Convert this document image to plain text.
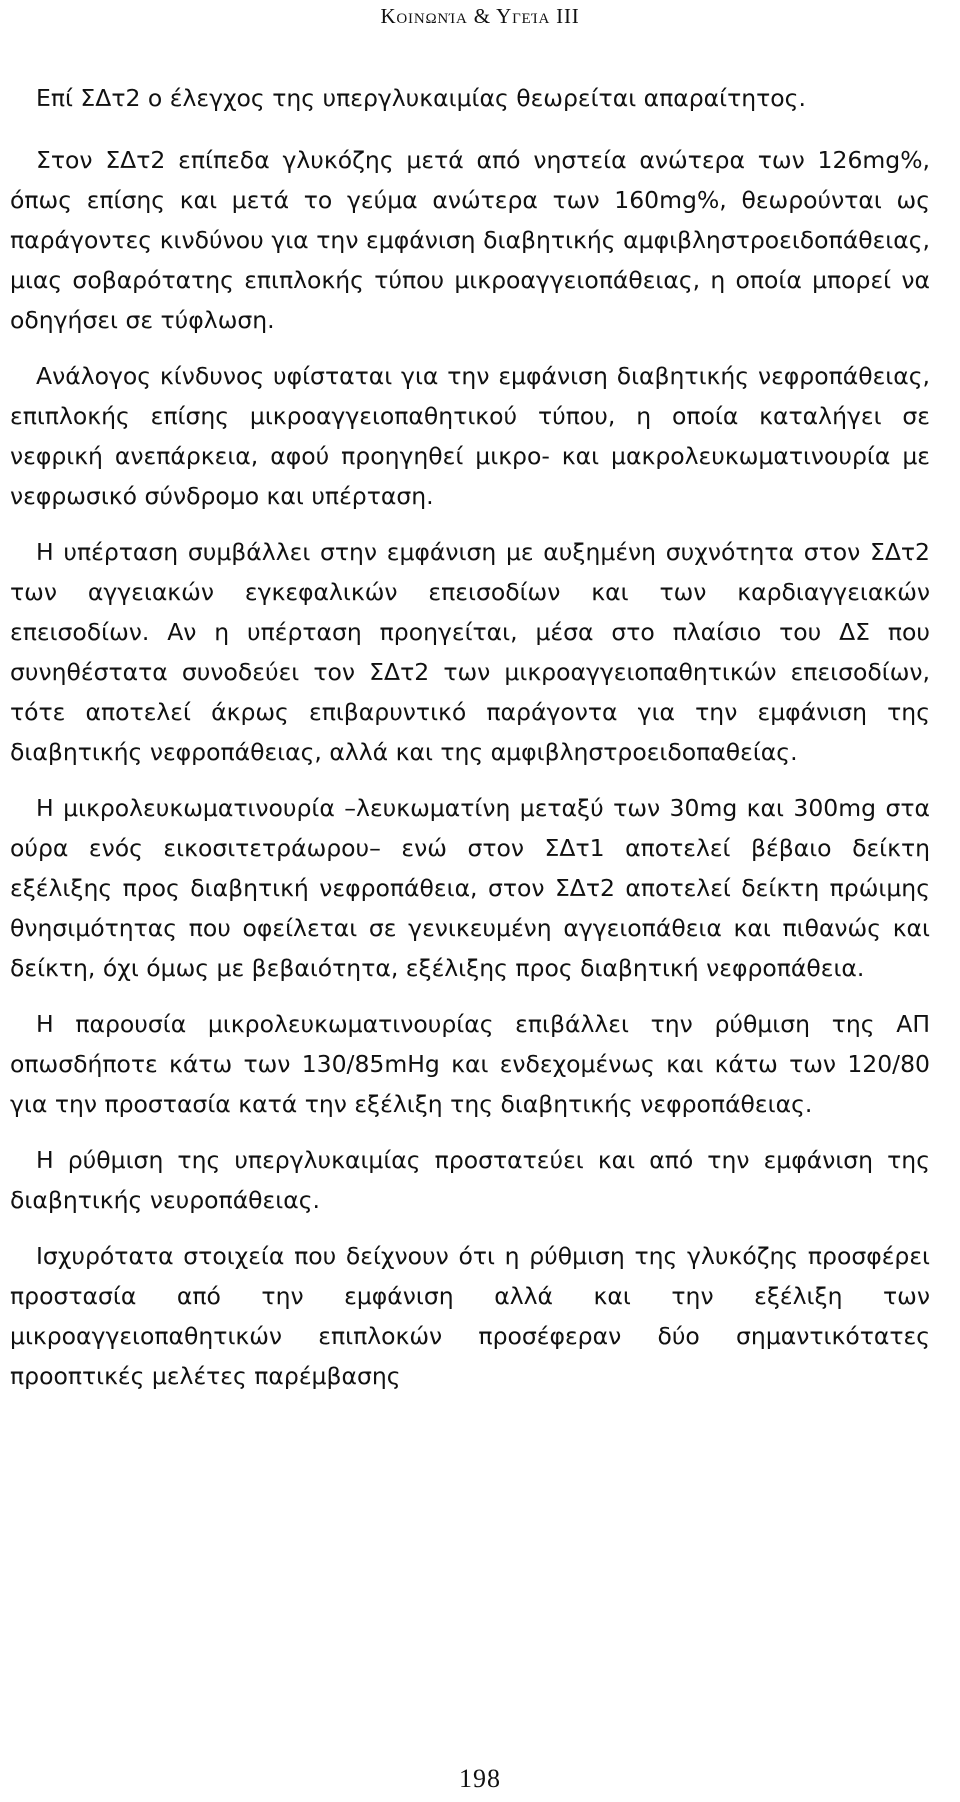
Κοινωνία & Υγεία ΙΙΙ

Επί ΣΔτ2 ο έλεγχος της υπεργλυκαιμίας θεωρείται απαραίτητος.

Στον ΣΔτ2 επίπεδα γλυκόζης μετά από νηστεία ανώτερα των 126mg%, όπως επίσης και μετά το γεύμα ανώτερα των 160mg%, θεωρούνται ως παράγοντες κινδύνου για την εμφάνιση διαβητικής αμφιβληστροειδοπάθειας, μιας σοβαρότατης επιπλοκής τύπου μικροαγγειοπάθειας, η οποία μπορεί να οδηγήσει σε τύφλωση.

Ανάλογος κίνδυνος υφίσταται για την εμφάνιση διαβητικής νεφροπάθειας, επιπλοκής επίσης μικροαγγειοπαθητικού τύπου, η οποία καταλήγει σε νεφρική ανεπάρκεια, αφού προηγηθεί μικρο- και μακρολευκωματινουρία με νεφρωσικό σύνδρομο και υπέρταση.

Η υπέρταση συμβάλλει στην εμφάνιση με αυξημένη συχνότητα στον ΣΔτ2 των αγγειακών εγκεφαλικών επεισοδίων και των καρδιαγγειακών επεισοδίων. Αν η υπέρταση προηγείται, μέσα στο πλαίσιο του ΔΣ που συνηθέστατα συνοδεύει τον ΣΔτ2 των μικροαγγειοπαθητικών επεισοδίων, τότε αποτελεί άκρως επιβαρυντικό παράγοντα για την εμφάνιση της διαβητικής νεφροπάθειας, αλλά και της αμφιβληστροειδοπαθείας.

Η μικρολευκωματινουρία –λευκωματίνη μεταξύ των 30mg και 300mg στα ούρα ενός εικοσιτετράωρου– ενώ στον ΣΔτ1 αποτελεί βέβαιο δείκτη εξέλιξης προς διαβητική νεφροπάθεια, στον ΣΔτ2 αποτελεί δείκτη πρώιμης θνησιμότητας που οφείλεται σε γενικευμένη αγγειοπάθεια και πιθανώς και δείκτη, όχι όμως με βεβαιότητα, εξέλιξης προς διαβητική νεφροπάθεια.

Η παρουσία μικρολευκωματινουρίας επιβάλλει την ρύθμιση της ΑΠ οπωσδήποτε κάτω των 130/85mHg και ενδεχομένως και κάτω των 120/80 για την προστασία κατά την εξέλιξη της διαβητικής νεφροπάθειας.

Η ρύθμιση της υπεργλυκαιμίας προστατεύει και από την εμφάνιση της διαβητικής νευροπάθειας.

Ισχυρότατα στοιχεία που δείχνουν ότι η ρύθμιση της γλυκόζης προσφέρει προστασία από την εμφάνιση αλλά και την εξέλιξη των μικροαγγειοπαθητικών επιπλοκών προσέφεραν δύο σημαντικότατες προοπτικές μελέτες παρέμβασης

198
